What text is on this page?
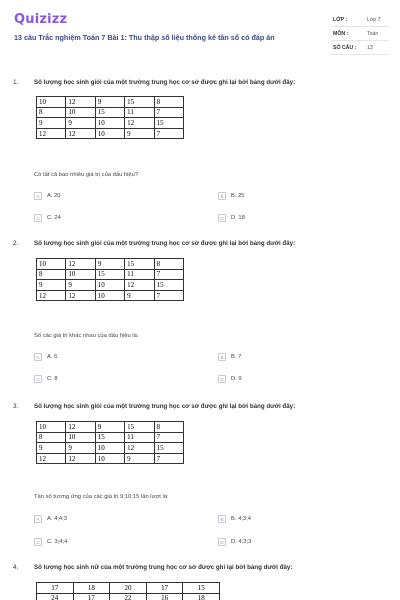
Quizizz
13 câu Trắc nghiệm Toán 7 Bài 1: Thu thập số liệu thống kê tần số có đáp án
LỚP :	Lớp 7
MÔN :	Toán
SỐ CÂU : 13
1.	Số lượng học sinh giỏi của một trường trung học cơ sở được ghi lại bởi bảng dưới đây:
10	12	9	15	8
8	10	15	11	7
9	9	10	12	15
12	12	10	9	7
Có tất cả bao nhiêu giá trị của dấu hiệu?
A	A. 20	B	B. 25
C	C. 24	D	D. 18
2.	Số lượng học sinh giỏi của một trường trung học cơ sở được ghi lại bởi bảng dưới đây:
10	12	9	15	8
8	10	15	11	7
9	9	10	12	15
12	12	10	9	7
Số các giá trị khác nhau của dấu hiệu là:
A	A. 6	B	B. 7
C	C. 8	D	D. 9
3.	Số lượng học sinh giỏi của một trường trung học cơ sở được ghi lại bởi bảng dưới đây:
10	12	9	15	8
8	10	15	11	7
9	9	10	12	15
12	12	10	9	7
Tần số tương ứng của các giá trị 9;10;15 lần lượt là:
A	A. 4;4;3	B	B. 4;3;4
C	C. 3;4;4	D	D. 4;3;3
4.	Số lượng học sinh nữ của một trường trung học cơ sở được ghi lại bởi bảng dưới đây:
17	18	20	17	15
24	17	22	16	18
